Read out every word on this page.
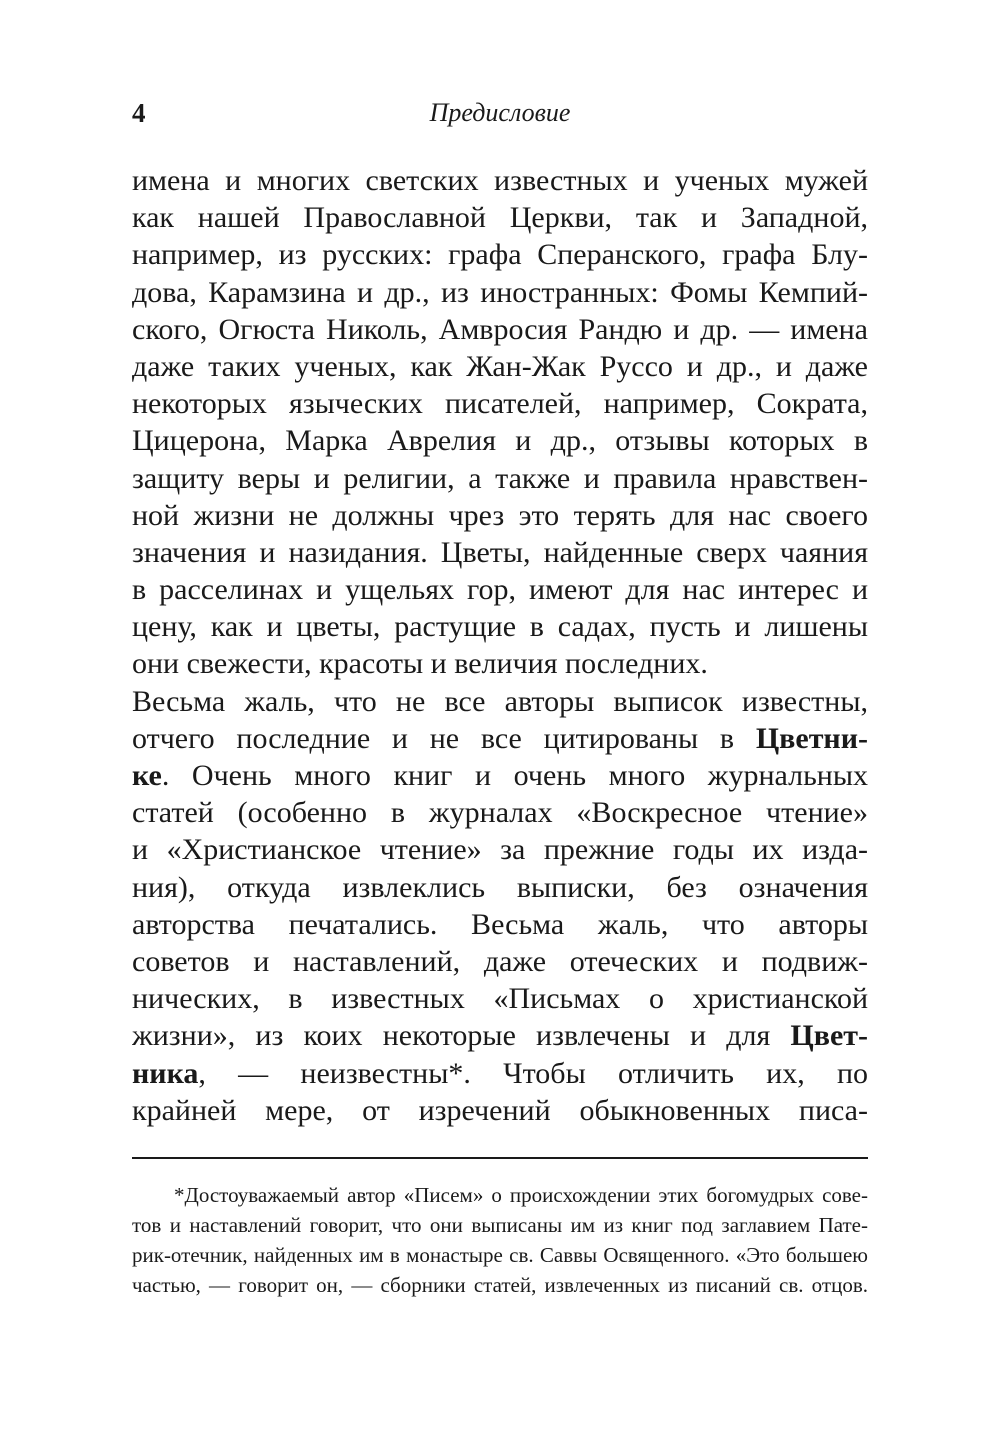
4	Предисловие
имена и многих светских известных и ученых мужей
как нашей Православной Церкви, так и Западной,
например, из русских: графа Сперанского, графа Блу-
дова, Карамзина и др., из иностранных: Фомы Кемпий-
ского, Огюста Николь, Амвросия Рандю и др. — имена
даже таких ученых, как Жан-Жак Руссо и др., и даже
некоторых языческих писателей, например, Сократа,
Цицерона, Марка Аврелия и др., отзывы которых в
защиту веры и религии, а также и правила нравствен-
ной жизни не должны чрез это терять для нас своего
значения и назидания. Цветы, найденные сверх чаяния
в расселинах и ущельях гор, имеют для нас интерес и
цену, как и цветы, растущие в садах, пусть и лишены
они свежести, красоты и величия последних.
Весьма жаль, что не все авторы выписок известны,
отчего последние и не все цитированы в Цветни-
ке. Очень много книг и очень много журнальных
статей (особенно в журналах «Воскресное чтение»
и «Христианское чтение» за прежние годы их изда-
ния), откуда извлеклись выписки, без означения
авторства печатались. Весьма жаль, что авторы
советов и наставлений, даже отеческих и подвиж-
нических, в известных «Письмах о христианской
жизни», из коих некоторые извлечены и для Цвет-
ника, — неизвестны*. Чтобы отличить их, по
крайней мере, от изречений обыкновенных писа-
*Достоуважаемый автор «Писем» о происхождении этих богомудрых сове-
тов и наставлений говорит, что они выписаны им из книг под заглавием Пате-
рик-отечник, найденных им в монастыре св. Саввы Освященного. «Это большею
частью, — говорит он, — сборники статей, извлеченных из писаний св. отцов.
